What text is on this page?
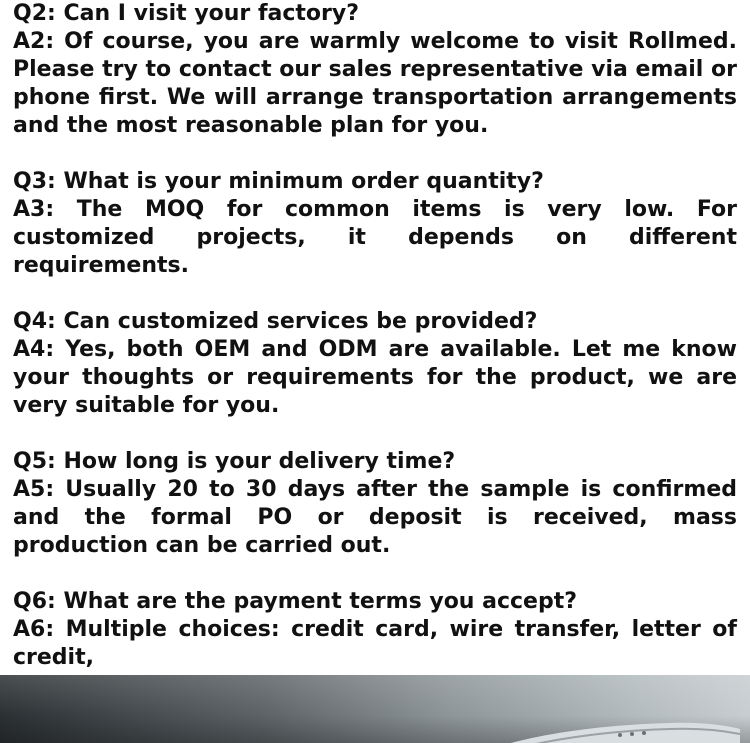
Q2: Can I visit your factory?

A2: Of course, you are warmly welcome to visit Rollmed. Please try to contact our sales representative via email or phone first. We will arrange transportation arrangements and the most reasonable plan for you.

Q3: What is your minimum order quantity?

A3: The MOQ for common items is very low. For customized projects, it depends on different requirements.

Q4: Can customized services be provided?

A4: Yes, both OEM and ODM are available. Let me know your thoughts or requirements for the product, we are very suitable for you.

Q5: How long is your delivery time?

A5: Usually 20 to 30 days after the sample is confirmed and the formal PO or deposit is received, mass production can be carried out.

Q6: What are the payment terms you accept?

A6: Multiple choices: credit card, wire transfer, letter of credit,
